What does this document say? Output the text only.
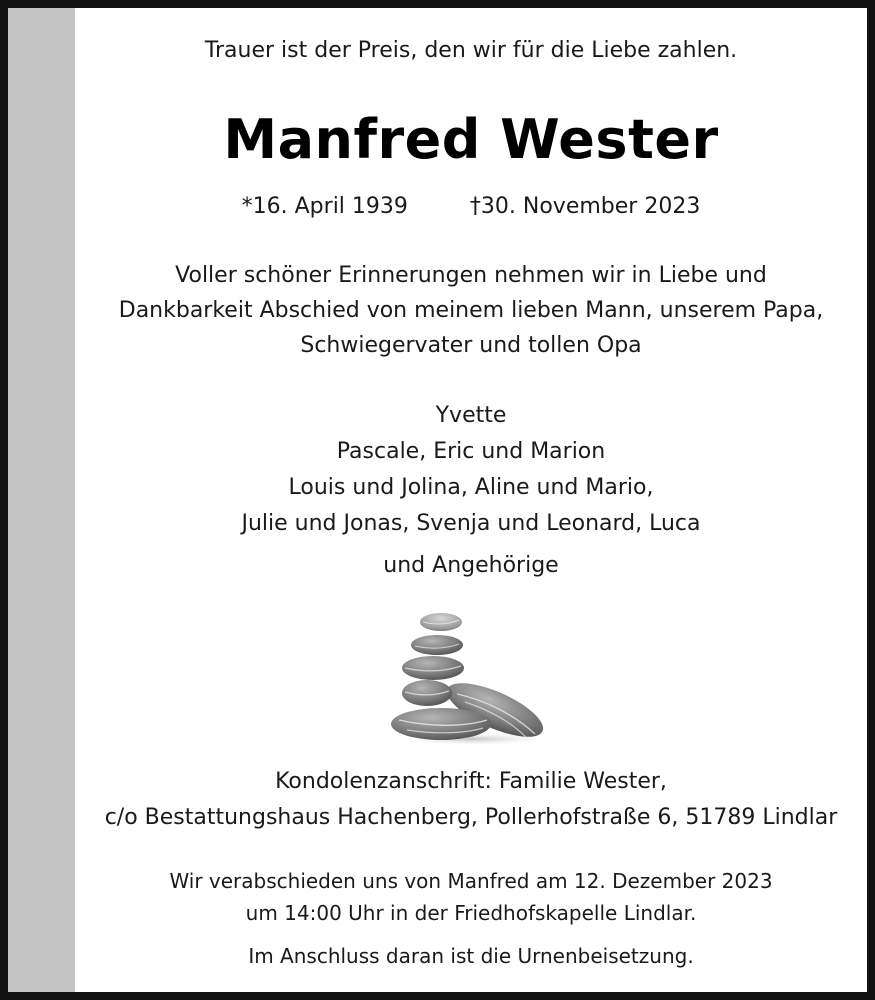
Trauer ist der Preis, den wir für die Liebe zahlen.
Manfred Wester
*16. April 1939	†30. November 2023
Voller schöner Erinnerungen nehmen wir in Liebe und
Dankbarkeit Abschied von meinem lieben Mann, unserem Papa,
Schwiegervater und tollen Opa
Yvette
Pascale, Eric und Marion
Louis und Jolina, Aline und Mario,
Julie und Jonas, Svenja und Leonard, Luca
und Angehörige
Kondolenzanschrift: Familie Wester,
c/o Bestattungshaus Hachenberg, Pollerhofstraße 6, 51789 Lindlar
Wir verabschieden uns von Manfred am 12. Dezember 2023
um 14:00 Uhr in der Friedhofskapelle Lindlar.
Im Anschluss daran ist die Urnenbeisetzung.
